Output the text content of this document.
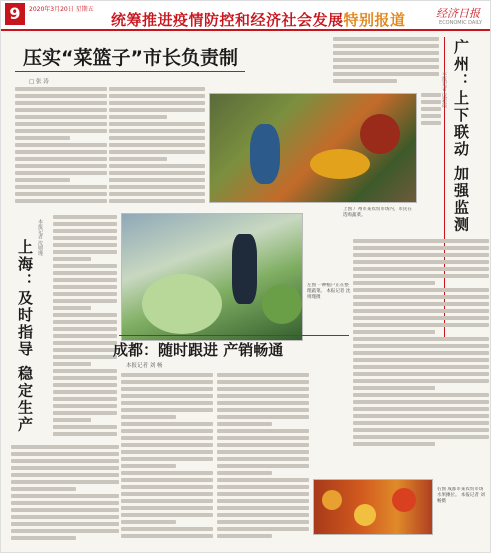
9	2020年3月20日 星期五
统筹推进疫情防控和经济社会发展特别报道	经济日报
ECONOMIC DAILY
压实“菜篮子”市长负责制
□ 张 涛
上图 广州市某农贸市场内，市民在选购蔬菜。	广州：上下联动 加强监测
本报记者 庞彩霞
左图 一种植户正在整理蔬菜。 本报记者 沈则瑾摄
上海：及时指导 稳定生产
本报记者 沈则瑾
成都：随时跟进 产销畅通
本报记者 刘 畅
右图 成都市某农贸市场水果摊位。 本报记者 刘畅摄
